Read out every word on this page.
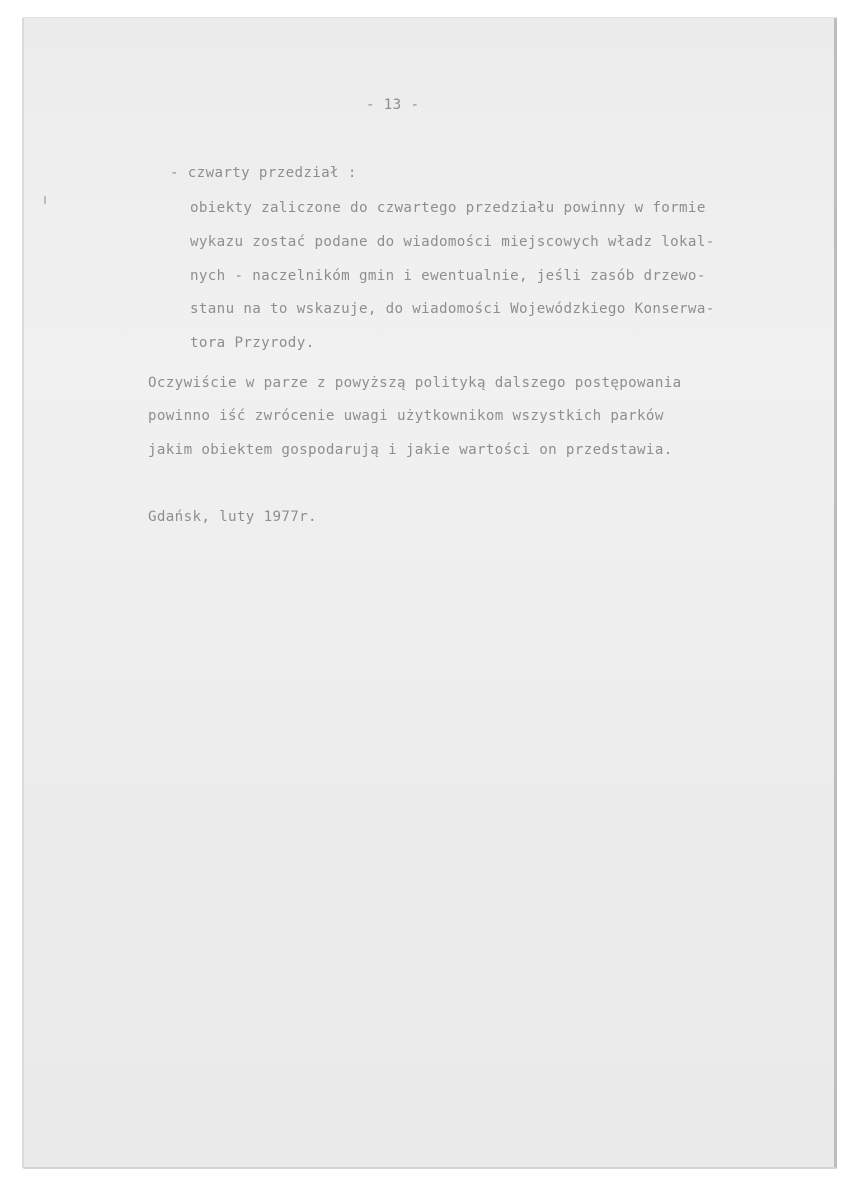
- 13 -

- czwarty przedział :

obiekty zaliczone do czwartego przedziału powinny w formie

wykazu zostać podane do wiadomości miejscowych władz lokal-

nych - naczelnikóm gmin i ewentualnie, jeśli zasób drzewo-

stanu na to wskazuje, do wiadomości Wojewódzkiego Konserwa-

tora Przyrody.

Oczywiście w parze z powyższą polityką dalszego postępowania

powinno iść zwrócenie uwagi użytkownikom wszystkich parków

jakim obiektem gospodarują i jakie wartości on przedstawia.

Gdańsk, luty 1977r.
